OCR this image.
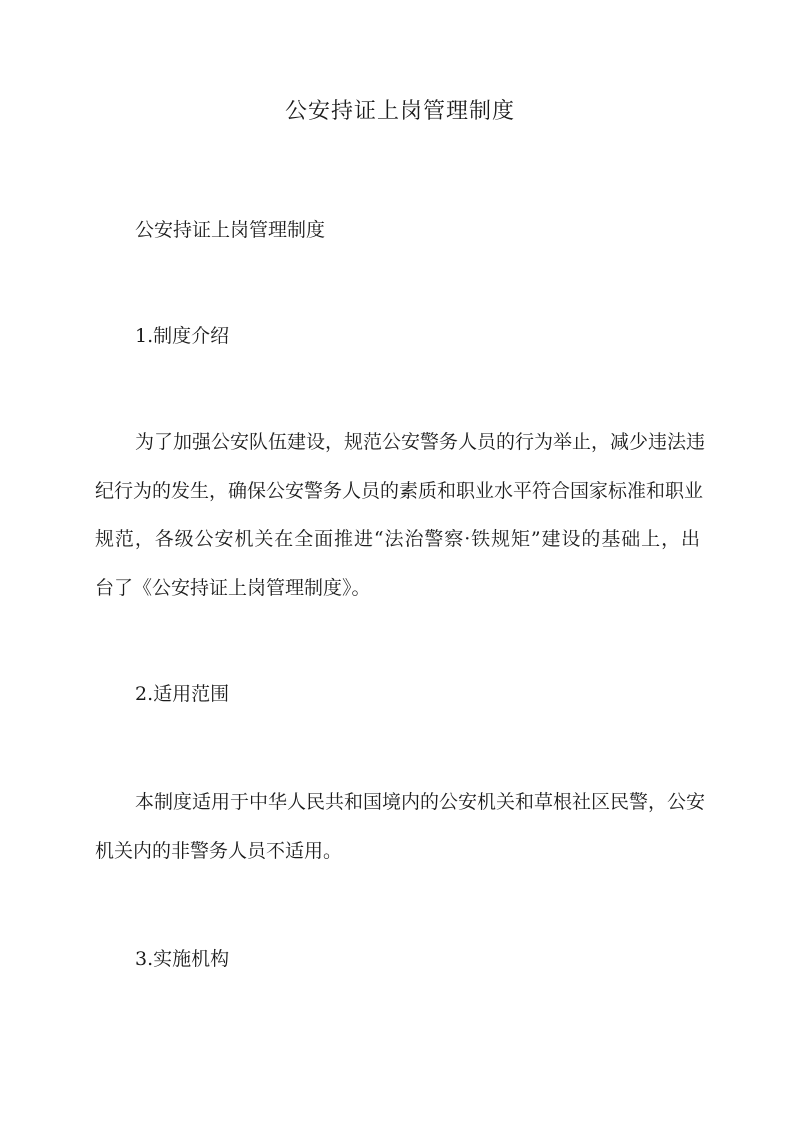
公安持证上岗管理制度

公安持证上岗管理制度

1.制度介绍

为了加强公安队伍建设，规范公安警务人员的行为举止，减少违法违
纪行为的发生，确保公安警务人员的素质和职业水平符合国家标准和职业
规范，各级公安机关在全面推进“法治警察·铁规矩”建设的基础上，出
台了《公安持证上岗管理制度》。

2.适用范围

本制度适用于中华人民共和国境内的公安机关和草根社区民警，公安
机关内的非警务人员不适用。

3.实施机构
